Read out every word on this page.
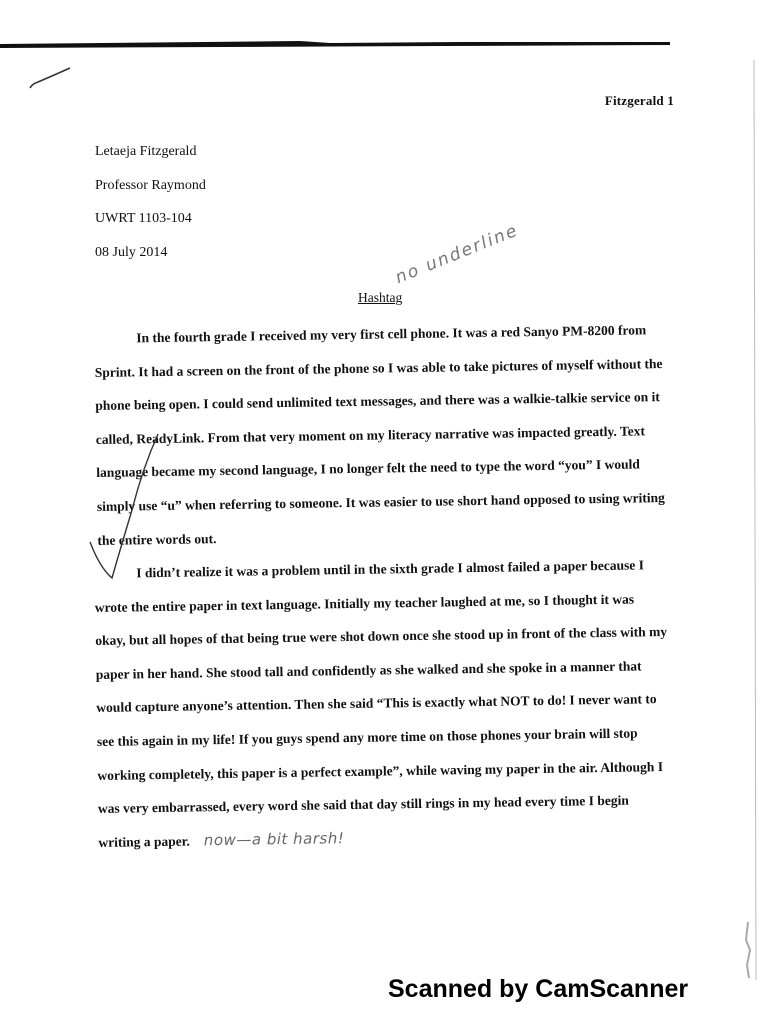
Fitzgerald 1
Letaeja Fitzgerald
Professor Raymond
UWRT 1103-104
08 July 2014
Hashtag
no underline
In the fourth grade I received my very first cell phone. It was a red Sanyo PM-8200 from Sprint. It had a screen on the front of the phone so I was able to take pictures of myself without the phone being open. I could send unlimited text messages, and there was a walkie-talkie service on it called, ReadyLink. From that very moment on my literacy narrative was impacted greatly. Text language became my second language, I no longer felt the need to type the word “you” I would simply use “u” when referring to someone. It was easier to use short hand opposed to using writing the entire words out.
I didn’t realize it was a problem until in the sixth grade I almost failed a paper because I wrote the entire paper in text language. Initially my teacher laughed at me, so I thought it was okay, but all hopes of that being true were shot down once she stood up in front of the class with my paper in her hand. She stood tall and confidently as she walked and she spoke in a manner that would capture anyone’s attention. Then she said “This is exactly what NOT to do! I never want to see this again in my life! If you guys spend any more time on those phones your brain will stop working completely, this paper is a perfect example”, while waving my paper in the air. Although I was very embarrassed, every word she said that day still rings in my head every time I begin writing a paper. now—a bit harsh!
Scanned by CamScanner
